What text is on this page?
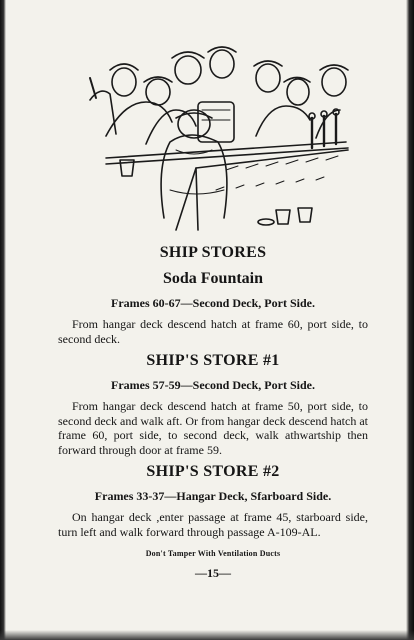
SHIP STORES
Soda Fountain
Frames 60-67—Second Deck, Port Side.

From hangar deck descend hatch at frame 60, port side, to second deck.

SHIP'S STORE #1
Frames 57-59—Second Deck, Port Side.

From hangar deck descend hatch at frame 50, port side, to second deck and walk aft. Or from hangar deck descend hatch at frame 60, port side, to second deck, walk athwartship then forward through door at frame 59.

SHIP'S STORE #2
Frames 33-37—Hangar Deck, Sfarboard Side.

On hangar deck ,enter passage at frame 45, starboard side, turn left and walk forward through passage A-109-AL.

Don't Tamper With Ventilation Ducts
—15—
